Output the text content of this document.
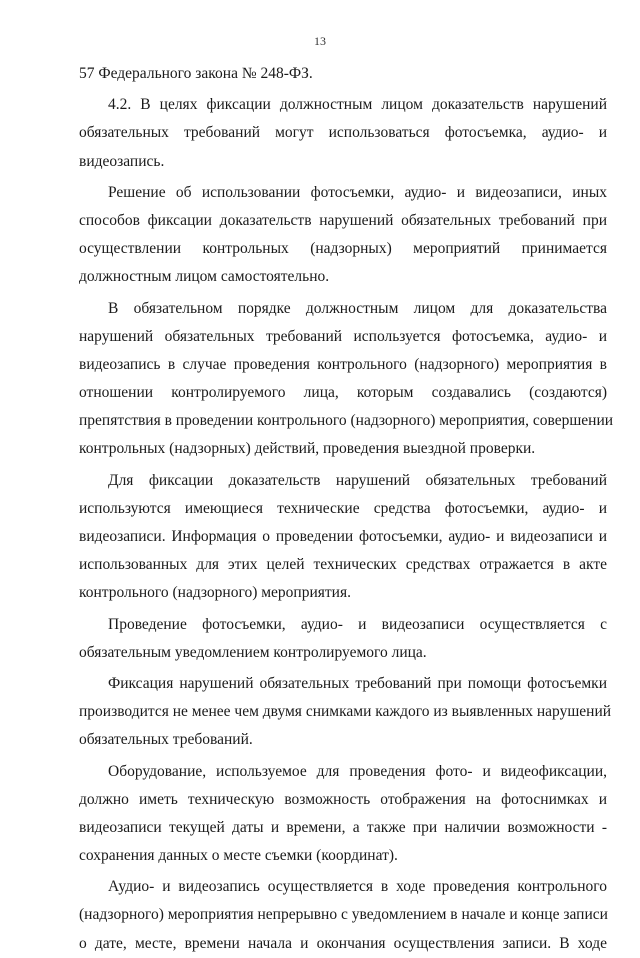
13
57 Федерального закона № 248-ФЗ.
4.2. В целях фиксации должностным лицом доказательств нарушений
обязательных требований могут использоваться фотосъемка, аудио- и
видеозапись.
Решение об использовании фотосъемки, аудио- и видеозаписи, иных
способов фиксации доказательств нарушений обязательных требований при
осуществлении контрольных (надзорных) мероприятий принимается
должностным лицом самостоятельно.
В обязательном порядке должностным лицом для доказательства
нарушений обязательных требований используется фотосъемка, аудио- и
видеозапись в случае проведения контрольного (надзорного) мероприятия в
отношении контролируемого лица, которым создавались (создаются)
препятствия в проведении контрольного (надзорного) мероприятия, совершении
контрольных (надзорных) действий, проведения выездной проверки.
Для фиксации доказательств нарушений обязательных требований
используются имеющиеся технические средства фотосъемки, аудио- и
видеозаписи. Информация о проведении фотосъемки, аудио- и видеозаписи и
использованных для этих целей технических средствах отражается в акте
контрольного (надзорного) мероприятия.
Проведение фотосъемки, аудио- и видеозаписи осуществляется с
обязательным уведомлением контролируемого лица.
Фиксация нарушений обязательных требований при помощи фотосъемки
производится не менее чем двумя снимками каждого из выявленных нарушений
обязательных требований.
Оборудование, используемое для проведения фото- и видеофиксации,
должно иметь техническую возможность отображения на фотоснимках и
видеозаписи текущей даты и времени, а также при наличии возможности -
сохранения данных о месте съемки (координат).
Аудио- и видеозапись осуществляется в ходе проведения контрольного
(надзорного) мероприятия непрерывно с уведомлением в начале и конце записи
о дате, месте, времени начала и окончания осуществления записи. В ходе
